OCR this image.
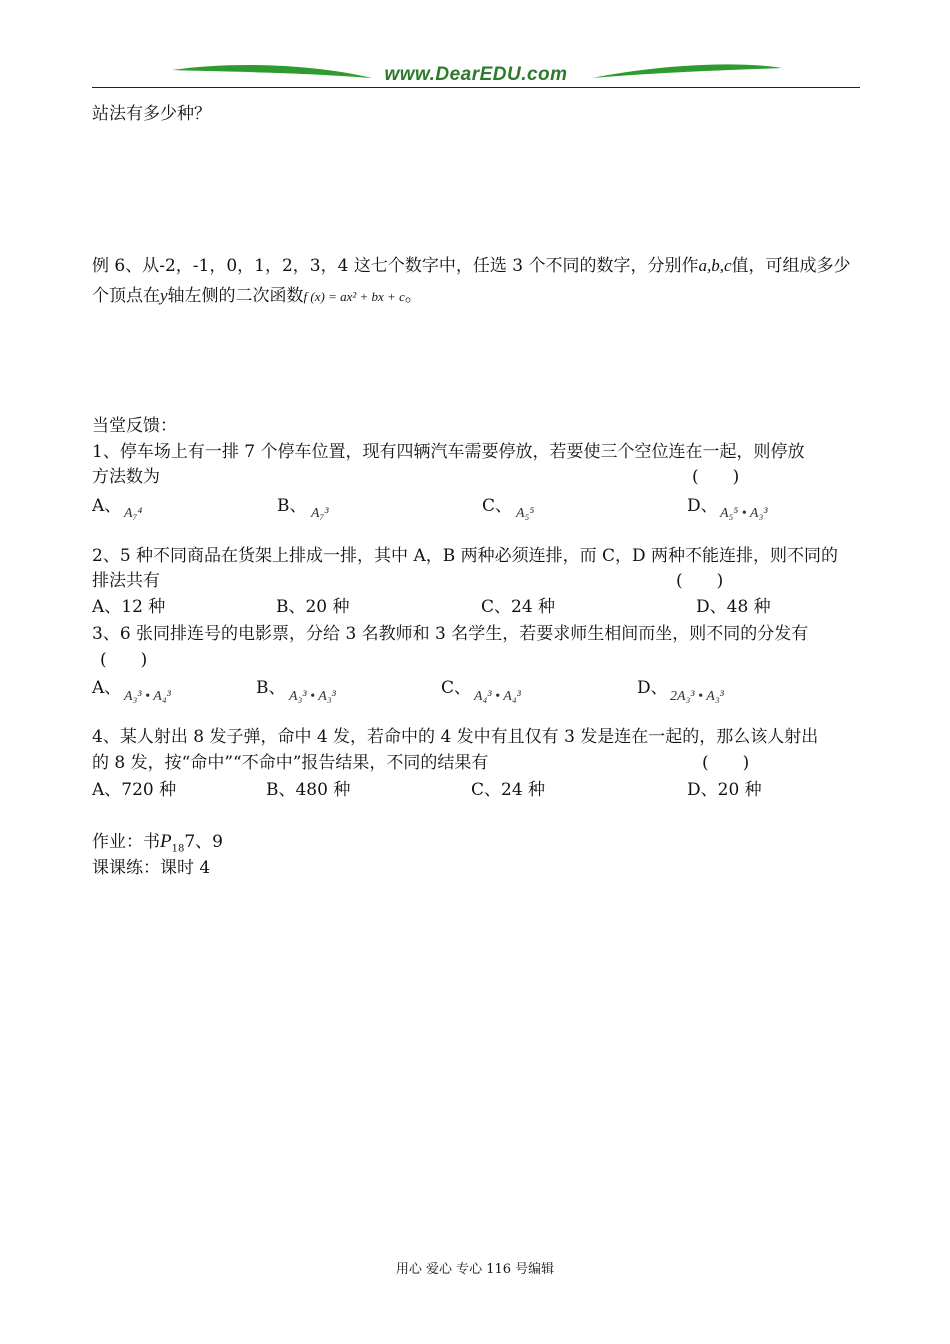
www.DearEDU.com
站法有多少种？
例 6、从-2，-1，0，1，2，3，4 这七个数字中，任选 3 个不同的数字，分别作a,b,c值，可组成多少
个顶点在y轴左侧的二次函数f (x) = ax² + bx + c。
当堂反馈：
1、停车场上有一排 7 个停车位置，现有四辆汽车需要停放，若要使三个空位连在一起，则停放
方法数为	(　　)
A、 A₇⁴	B、 A₇³	C、 A₅⁵	D、 A₅⁵ • A₃³
2、5 种不同商品在货架上排成一排，其中 A，B 两种必须连排，而 C，D 两种不能连排，则不同的
排法共有	(　　)
A、12 种	B、20 种	C、24 种	D、48 种
3、6 张同排连号的电影票，分给 3 名教师和 3 名学生，若要求师生相间而坐，则不同的分发有
(　　)
A、 A₃³ • A₄³	B、 A₃³ • A₃³	C、 A₄³ • A₄³	D、 2A₃³ • A₃³
4、某人射出 8 发子弹，命中 4 发，若命中的 4 发中有且仅有 3 发是连在一起的，那么该人射出
的 8 发，按“命中”“不命中”报告结果，不同的结果有	(　　)
A、720 种	B、480 种	C、24 种	D、20 种
作业：书$P_{18}7$、9
课课练：课时 4
用心 爱心 专心 116 号编辑
